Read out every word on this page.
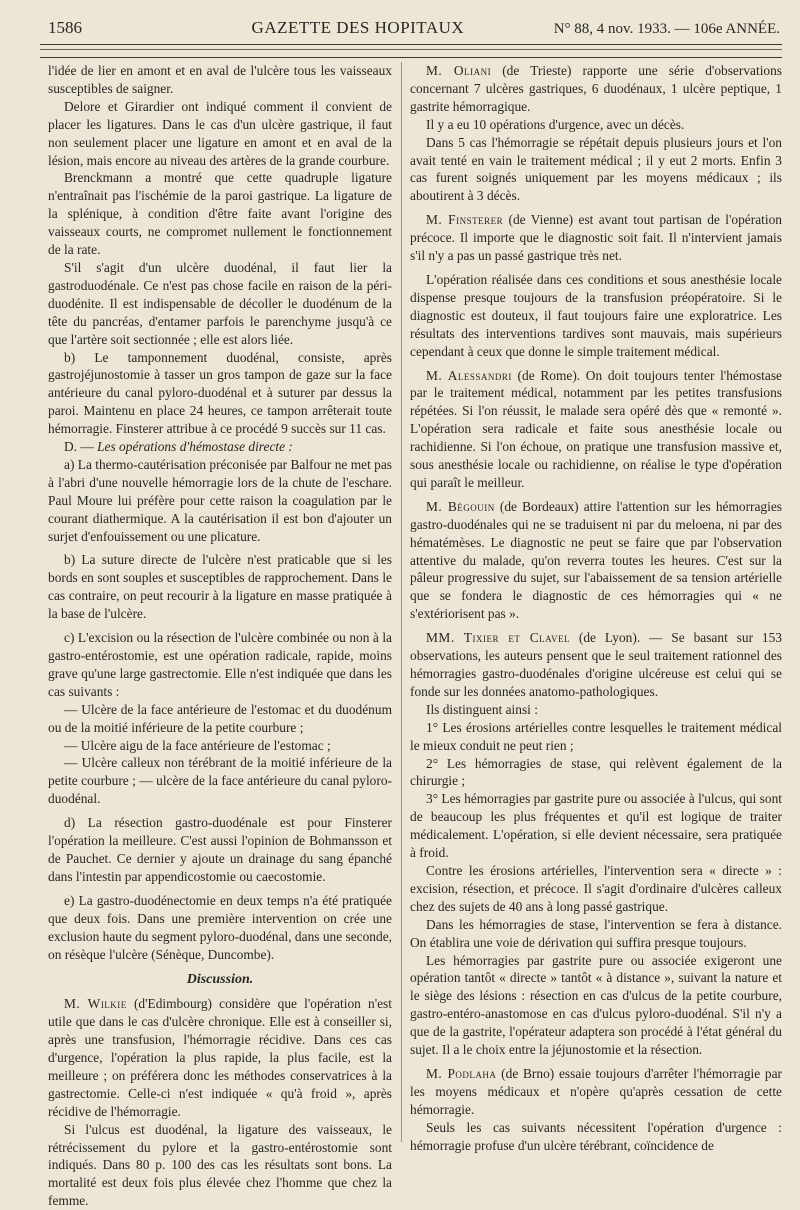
1586	GAZETTE DES HOPITAUX	N° 88, 4 nov. 1933. — 106e ANNÉE.

l'idée de lier en amont et en aval de l'ulcère tous les vaisseaux susceptibles de saigner.

Delore et Girardier ont indiqué comment il convient de placer les ligatures. Dans le cas d'un ulcère gastrique, il faut non seulement placer une ligature en amont et en aval de la lésion, mais encore au niveau des artères de la grande courbure.

Brenckmann a montré que cette quadruple ligature n'entraînait pas l'ischémie de la paroi gastrique. La ligature de la splénique, à condition d'être faite avant l'origine des vaisseaux courts, ne compromet nullement le fonctionnement de la rate.

S'il s'agit d'un ulcère duodénal, il faut lier la gastroduodénale. Ce n'est pas chose facile en raison de la péri-duodénite. Il est indispensable de décoller le duodénum de la tête du pancréas, d'entamer parfois le parenchyme jusqu'à ce que l'artère soit sectionnée ; elle est alors liée.

b) Le tamponnement duodénal, consiste, après gastrojéjunostomie à tasser un gros tampon de gaze sur la face antérieure du canal pyloro-duodénal et à suturer par dessus la paroi. Maintenu en place 24 heures, ce tampon arrêterait toute hémorragie. Finsterer attribue à ce procédé 9 succès sur 11 cas.

D. — Les opérations d'hémostase directe :

a) La thermo-cautérisation préconisée par Balfour ne met pas à l'abri d'une nouvelle hémorragie lors de la chute de l'eschare. Paul Moure lui préfère pour cette raison la coagulation par le courant diathermique. A la cautérisation il est bon d'ajouter un surjet d'enfouissement ou une plicature.

b) La suture directe de l'ulcère n'est praticable que si les bords en sont souples et susceptibles de rapprochement. Dans le cas contraire, on peut recourir à la ligature en masse pratiquée à la base de l'ulcère.

c) L'excision ou la résection de l'ulcère combinée ou non à la gastro-entérostomie, est une opération radicale, rapide, moins grave qu'une large gastrectomie. Elle n'est indiquée que dans les cas suivants :

— Ulcère de la face antérieure de l'estomac et du duodénum ou de la moitié inférieure de la petite courbure ;

— Ulcère aigu de la face antérieure de l'estomac ;

— Ulcère calleux non térébrant de la moitié inférieure de la petite courbure ; — ulcère de la face antérieure du canal pyloro-duodénal.

d) La résection gastro-duodénale est pour Finsterer l'opération la meilleure. C'est aussi l'opinion de Bohmansson et de Pauchet. Ce dernier y ajoute un drainage du sang épanché dans l'intestin par appendicostomie ou caecostomie.

e) La gastro-duodénectomie en deux temps n'a été pratiquée que deux fois. Dans une première intervention on crée une exclusion haute du segment pyloro-duodénal, dans une seconde, on résèque l'ulcère (Sénèque, Duncombe).

Discussion.

M. Wilkie (d'Edimbourg) considère que l'opération n'est utile que dans le cas d'ulcère chronique. Elle est à conseiller si, après une transfusion, l'hémorragie récidive. Dans ces cas d'urgence, l'opération la plus rapide, la plus facile, est la meilleure ; on préférera donc les méthodes conservatrices à la gastrectomie. Celle-ci n'est indiquée « qu'à froid », après récidive de l'hémorragie.

Si l'ulcus est duodénal, la ligature des vaisseaux, le rétrécissement du pylore et la gastro-entérostomie sont indiqués. Dans 80 p. 100 des cas les résultats sont bons. La mortalité est deux fois plus élevée chez l'homme que chez la femme.

M. Oliani (de Trieste) rapporte une série d'observations concernant 7 ulcères gastriques, 6 duodénaux, 1 ulcère peptique, 1 gastrite hémorragique.

Il y a eu 10 opérations d'urgence, avec un décès.

Dans 5 cas l'hémorragie se répétait depuis plusieurs jours et l'on avait tenté en vain le traitement médical ; il y eut 2 morts. Enfin 3 cas furent soignés uniquement par les moyens médicaux ; ils aboutirent à 3 décès.

M. Finsterer (de Vienne) est avant tout partisan de l'opération précoce. Il importe que le diagnostic soit fait. Il n'intervient jamais s'il n'y a pas un passé gastrique très net.

L'opération réalisée dans ces conditions et sous anesthésie locale dispense presque toujours de la transfusion préopératoire. Si le diagnostic est douteux, il faut toujours faire une exploratrice. Les résultats des interventions tardives sont mauvais, mais supérieurs cependant à ceux que donne le simple traitement médical.

M. Alessandri (de Rome). On doit toujours tenter l'hémostase par le traitement médical, notamment par les petites transfusions répétées. Si l'on réussit, le malade sera opéré dès que « remonté ». L'opération sera radicale et faite sous anesthésie locale ou rachidienne. Si l'on échoue, on pratique une transfusion massive et, sous anesthésie locale ou rachidienne, on réalise le type d'opération qui paraît le meilleur.

M. Bégouin (de Bordeaux) attire l'attention sur les hémorragies gastro-duodénales qui ne se traduisent ni par du meloena, ni par des hématémèses. Le diagnostic ne peut se faire que par l'observation attentive du malade, qu'on reverra toutes les heures. C'est sur la pâleur progressive du sujet, sur l'abaissement de sa tension artérielle que se fondera le diagnostic de ces hémorragies qui « ne s'extériorisent pas ».

MM. Tixier et Clavel (de Lyon). — Se basant sur 153 observations, les auteurs pensent que le seul traitement rationnel des hémorragies gastro-duodénales d'origine ulcéreuse est celui qui se fonde sur les données anatomo-pathologiques.

Ils distinguent ainsi :

1° Les érosions artérielles contre lesquelles le traitement médical le mieux conduit ne peut rien ;

2° Les hémorragies de stase, qui relèvent également de la chirurgie ;

3° Les hémorragies par gastrite pure ou associée à l'ulcus, qui sont de beaucoup les plus fréquentes et qu'il est logique de traiter médicalement. L'opération, si elle devient nécessaire, sera pratiquée à froid.

Contre les érosions artérielles, l'intervention sera « directe » : excision, résection, et précoce. Il s'agit d'ordinaire d'ulcères calleux chez des sujets de 40 ans à long passé gastrique.

Dans les hémorragies de stase, l'intervention se fera à distance. On établira une voie de dérivation qui suffira presque toujours.

Les hémorragies par gastrite pure ou associée exigeront une opération tantôt « directe » tantôt « à distance », suivant la nature et le siège des lésions : résection en cas d'ulcus de la petite courbure, gastro-entéro-anastomose en cas d'ulcus pyloro-duodénal. S'il n'y a que de la gastrite, l'opérateur adaptera son procédé à l'état général du sujet. Il a le choix entre la jéjunostomie et la résection.

M. Podlaha (de Brno) essaie toujours d'arrêter l'hémorragie par les moyens médicaux et n'opère qu'après cessation de cette hémorragie.

Seuls les cas suivants nécessitent l'opération d'urgence : hémorragie profuse d'un ulcère térébrant, coïncidence de
